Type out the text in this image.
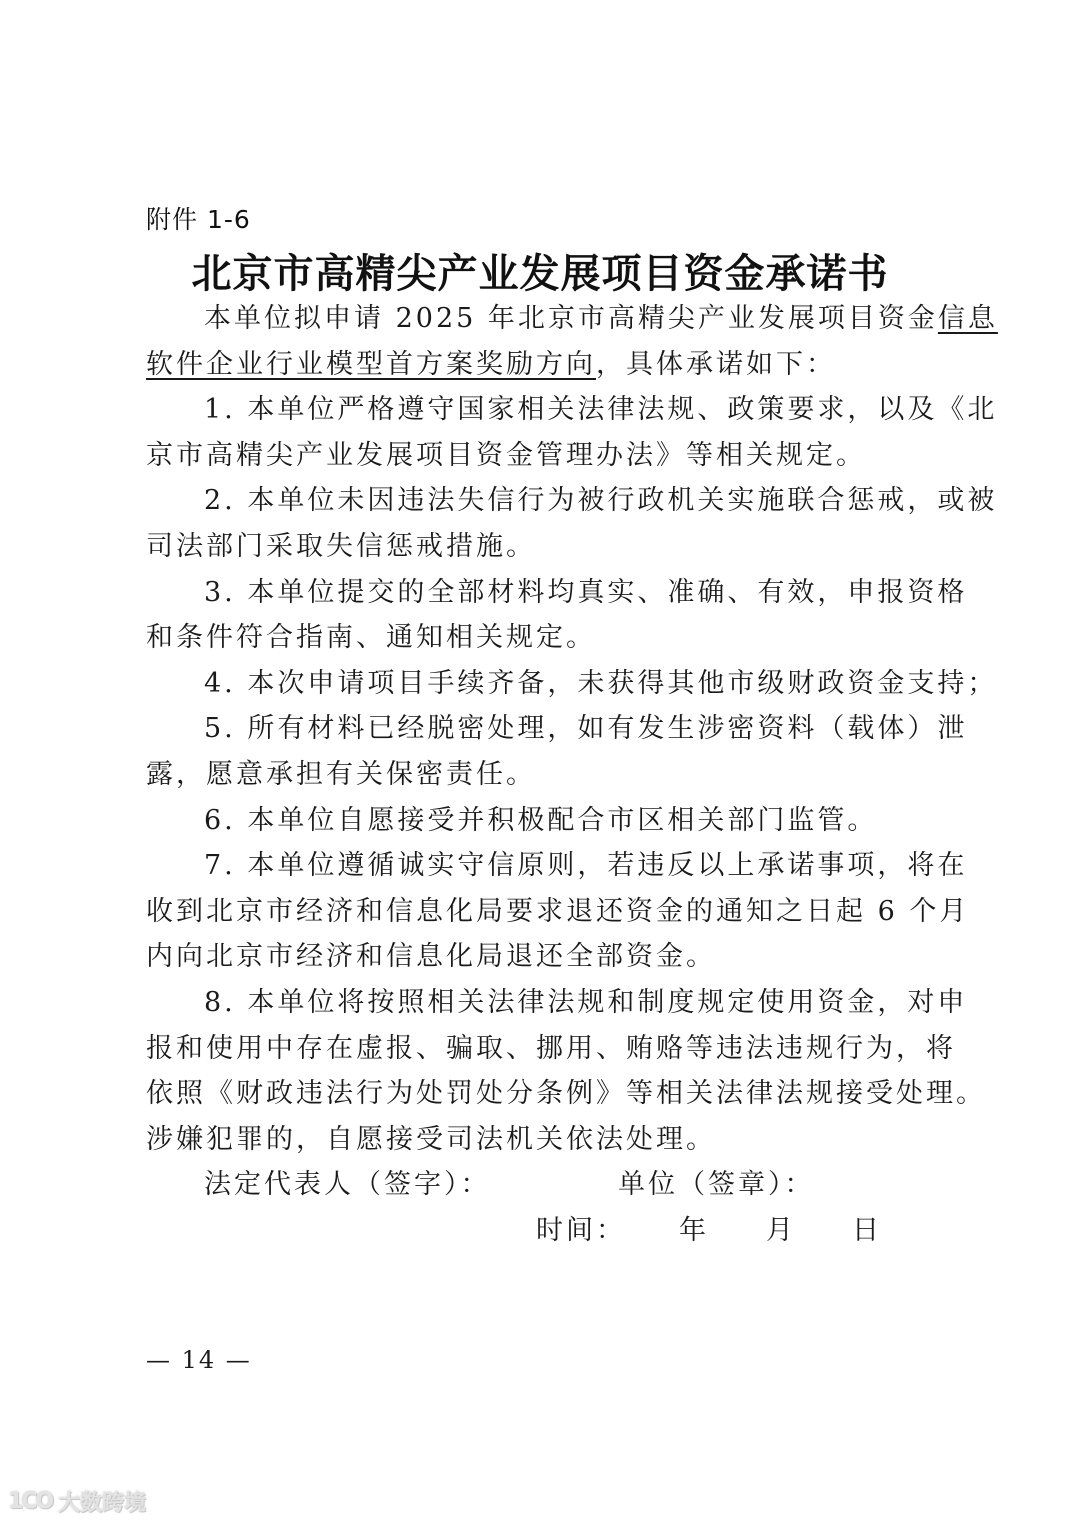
附件 1-6
北京市高精尖产业发展项目资金承诺书
本单位拟申请 2025 年北京市高精尖产业发展项目资金信息
软件企业行业模型首方案奖励方向，具体承诺如下：
1. 本单位严格遵守国家相关法律法规、政策要求，以及《北
京市高精尖产业发展项目资金管理办法》等相关规定。
2. 本单位未因违法失信行为被行政机关实施联合惩戒，或被
司法部门采取失信惩戒措施。
3. 本单位提交的全部材料均真实、准确、有效，申报资格
和条件符合指南、通知相关规定。
4. 本次申请项目手续齐备，未获得其他市级财政资金支持；
5. 所有材料已经脱密处理，如有发生涉密资料（载体）泄
露，愿意承担有关保密责任。
6. 本单位自愿接受并积极配合市区相关部门监管。
7. 本单位遵循诚实守信原则，若违反以上承诺事项，将在
收到北京市经济和信息化局要求退还资金的通知之日起 6 个月
内向北京市经济和信息化局退还全部资金。
8. 本单位将按照相关法律法规和制度规定使用资金，对申
报和使用中存在虚报、骗取、挪用、贿赂等违法违规行为，将
依照《财政违法行为处罚处分条例》等相关法律法规接受处理。
涉嫌犯罪的，自愿接受司法机关依法处理。
法定代表人（签字）：	单位（签章）：
时间： 年 月 日
— 14 —
1CO 大数跨境
